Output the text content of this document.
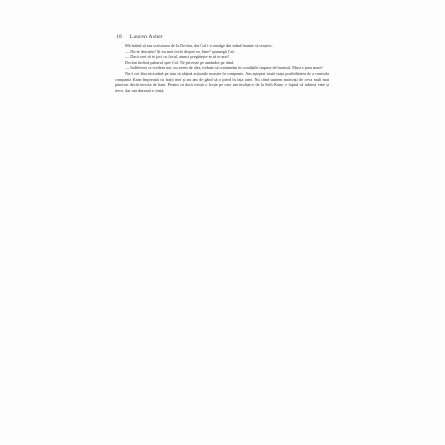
18 Lauren Asher

Mă întind să iau scrisoarea de la Declan, dar Cal i-o smulge din mână înainte să reușesc.

— Du-te dracului! Și nu mai vorbi despre ea, bine? spumegă Cal.

— Dacă vrei să te joci cu focul, atunci pregătește-te să te arzi!

Declan înclină paharul spre Cal. Ne privește pe amândoi pe rând.

— Indiferent ce credem noi, nu avem de ales, trebuie să continuăm în condițiile impuse de bunicul. Miza e prea mare!

Nu-l voi lăsa niciodată pe tata să obțină acțiunile noastre în companie. Am așteptat toată viața posibilitatea de a controla compania Kane împreună cu frații mei și nu am de gând să o pierd în fața tatei. Nu când suntem motivați de ceva mult mai puternic decât nevoia de bani. Pentru că dacă există o lecție pe care am învățat-o de la Seth Kane, e faptul că iubirea vine și trece, dar ura durează o viață.
